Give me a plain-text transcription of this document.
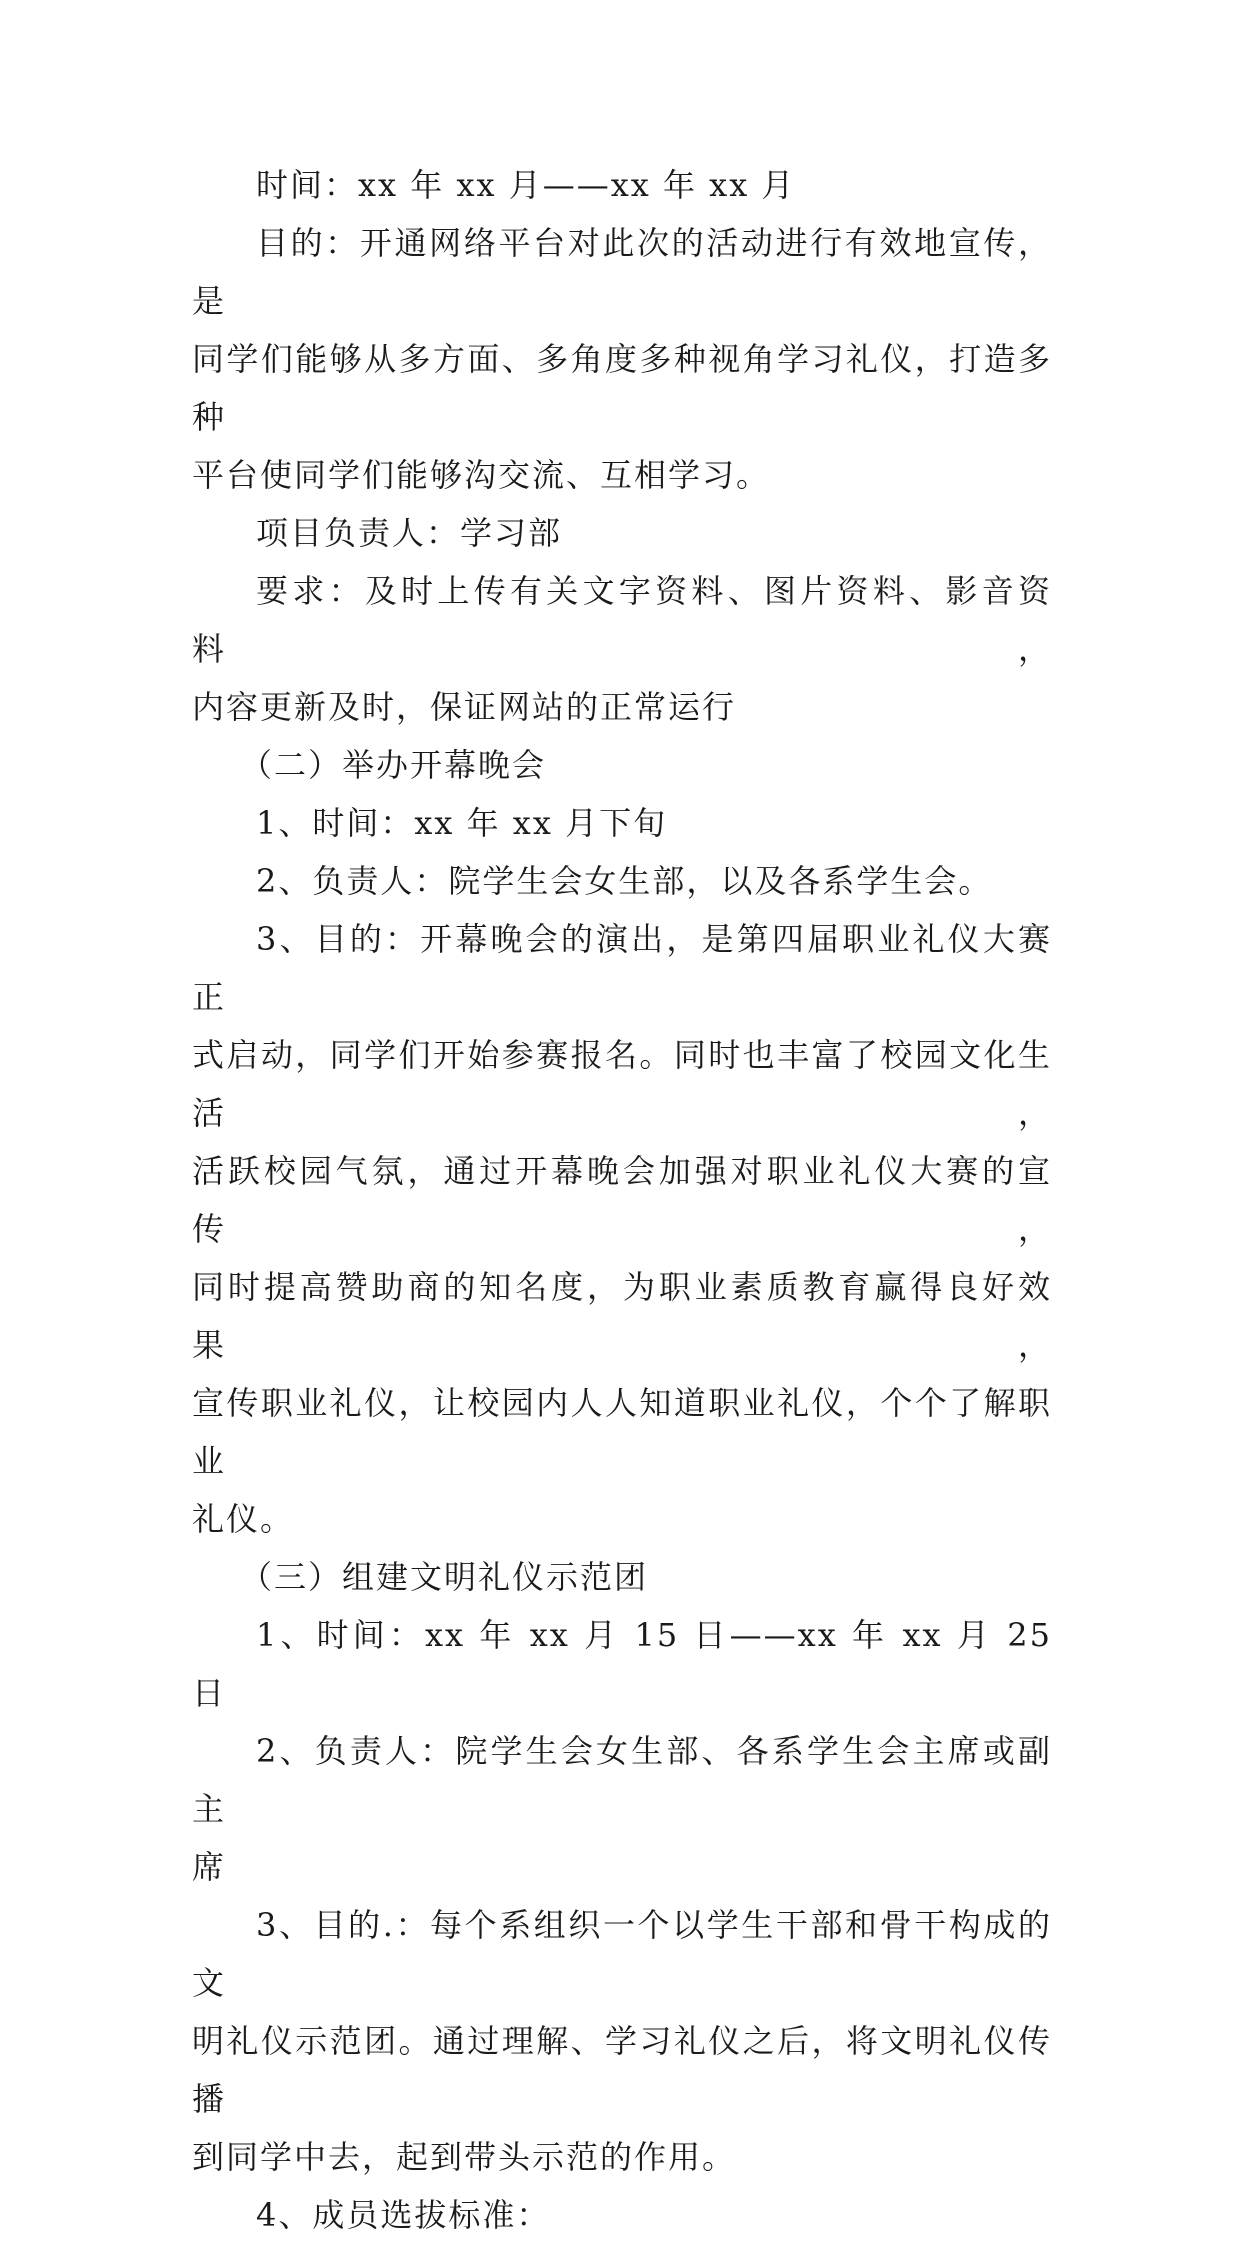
时间：xx 年 xx 月——xx 年 xx 月

目的：开通网络平台对此次的活动进行有效地宣传，是
同学们能够从多方面、多角度多种视角学习礼仪，打造多种
平台使同学们能够沟交流、互相学习。

项目负责人：学习部

要求：及时上传有关文字资料、图片资料、影音资料，
内容更新及时，保证网站的正常运行

（二）举办开幕晚会

1、时间：xx 年 xx 月下旬

2、负责人：院学生会女生部，以及各系学生会。

3、目的：开幕晚会的演出，是第四届职业礼仪大赛正
式启动，同学们开始参赛报名。同时也丰富了校园文化生活，
活跃校园气氛，通过开幕晚会加强对职业礼仪大赛的宣传，
同时提高赞助商的知名度，为职业素质教育赢得良好效果，
宣传职业礼仪，让校园内人人知道职业礼仪，个个了解职业
礼仪。

（三）组建文明礼仪示范团

1、时间：xx 年 xx 月 15 日——xx 年 xx 月 25 日

2、负责人：院学生会女生部、各系学生会主席或副主
席

3、目的.：每个系组织一个以学生干部和骨干构成的文
明礼仪示范团。通过理解、学习礼仪之后，将文明礼仪传播
到同学中去，起到带头示范的作用。

4、成员选拔标准：
